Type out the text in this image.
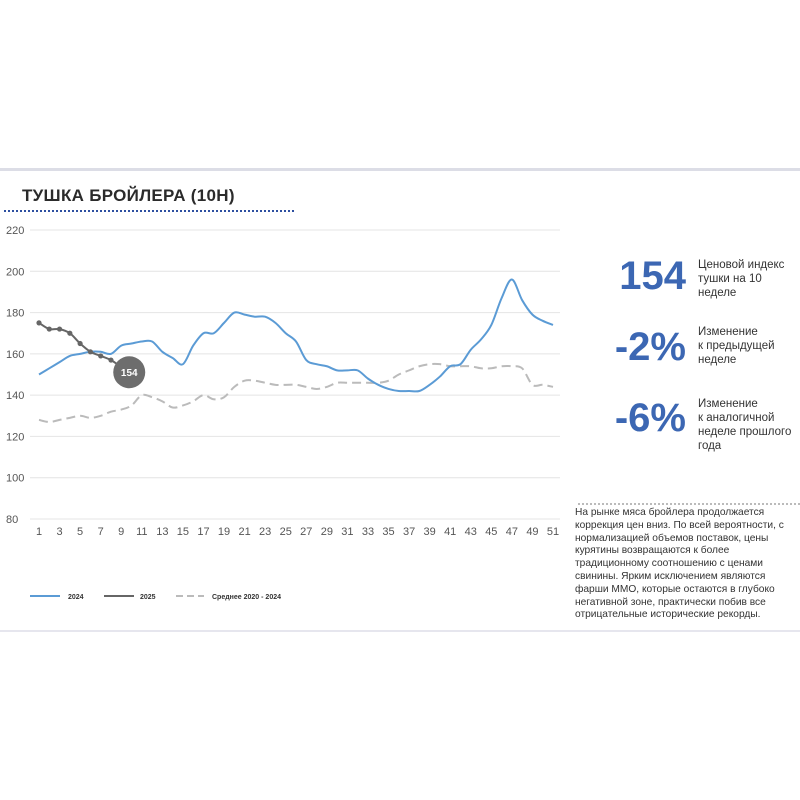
ТУШКА БРОЙЛЕРА (10Н)
80
100
120
140
160
180
200
220
1 3 5 7 9 11 13 15 17 19 21 23 25 27 29 31 33 35 37 39 41 43 45 47 49 51
154
2024	2025	Среднее 2020 - 2024
154 Ценовой индекс
тушки на 10
неделе
-2% Изменение
к предыдущей
неделе
-6% Изменение
к аналогичной
неделе прошлого
года
На рынке мяса бройлера продолжается
коррекция цен вниз. По всей вероятности, с
нормализацией объемов поставок, цены
курятины возвращаются к более
традиционному соотношению с ценами
свинины. Ярким исключением являются
фарши ММО, которые остаются в глубоко
негативной зоне, практически побив все
отрицательные исторические рекорды.
